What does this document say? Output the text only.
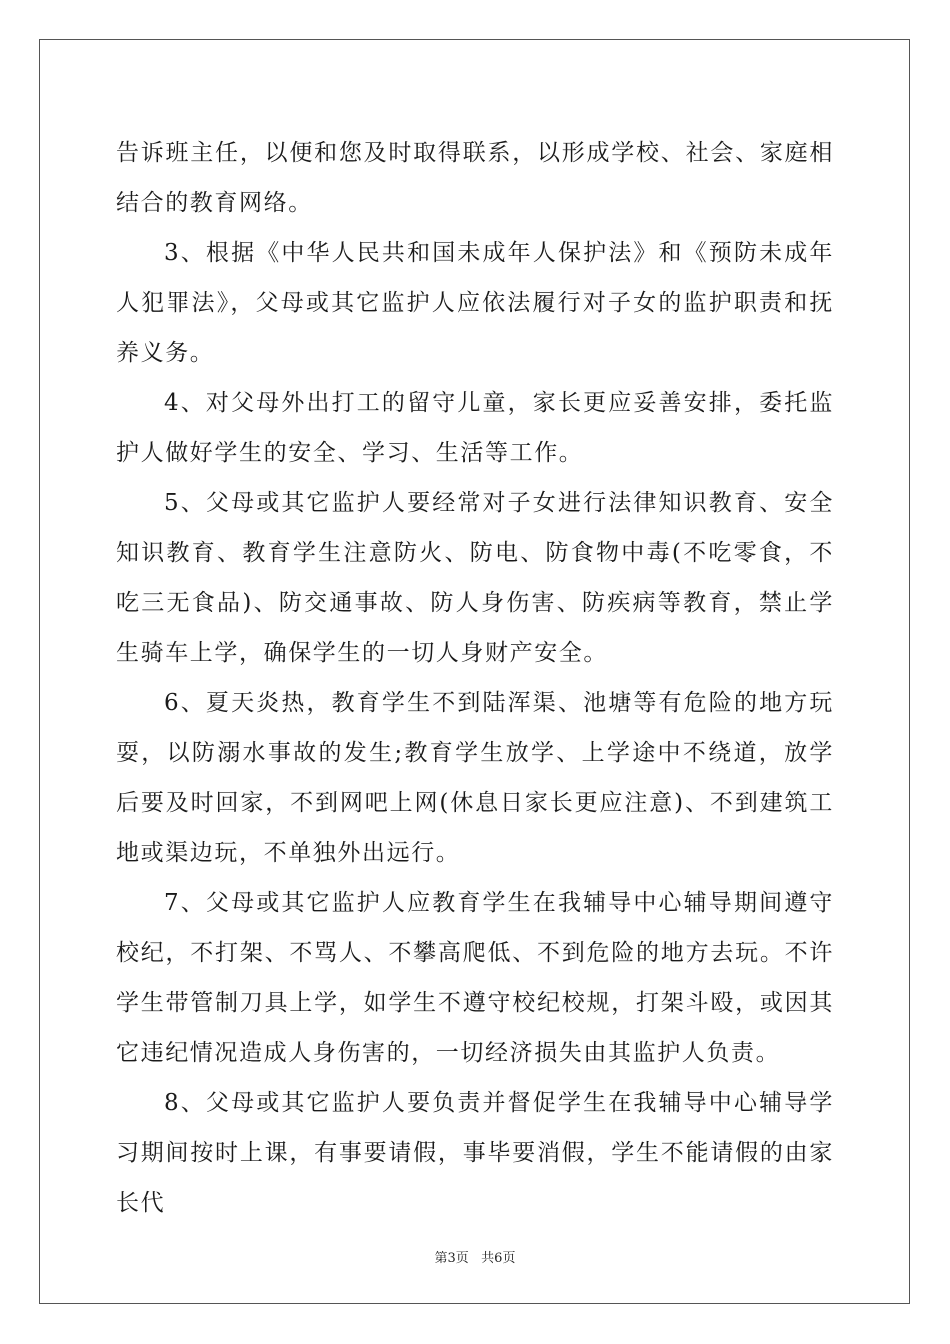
告诉班主任，以便和您及时取得联系，以形成学校、社会、家庭相结合的教育网络。

3、根据《中华人民共和国未成年人保护法》和《预防未成年人犯罪法》，父母或其它监护人应依法履行对子女的监护职责和抚养义务。

4、对父母外出打工的留守儿童，家长更应妥善安排，委托监护人做好学生的安全、学习、生活等工作。

5、父母或其它监护人要经常对子女进行法律知识教育、安全知识教育、教育学生注意防火、防电、防食物中毒(不吃零食，不吃三无食品)、防交通事故、防人身伤害、防疾病等教育，禁止学生骑车上学，确保学生的一切人身财产安全。

6、夏天炎热，教育学生不到陆浑渠、池塘等有危险的地方玩耍，以防溺水事故的发生;教育学生放学、上学途中不绕道，放学后要及时回家，不到网吧上网(休息日家长更应注意)、不到建筑工地或渠边玩，不单独外出远行。

7、父母或其它监护人应教育学生在我辅导中心辅导期间遵守校纪，不打架、不骂人、不攀高爬低、不到危险的地方去玩。不许学生带管制刀具上学，如学生不遵守校纪校规，打架斗殴，或因其它违纪情况造成人身伤害的，一切经济损失由其监护人负责。

8、父母或其它监护人要负责并督促学生在我辅导中心辅导学习期间按时上课，有事要请假，事毕要消假，学生不能请假的由家长代

第3页   共6页
